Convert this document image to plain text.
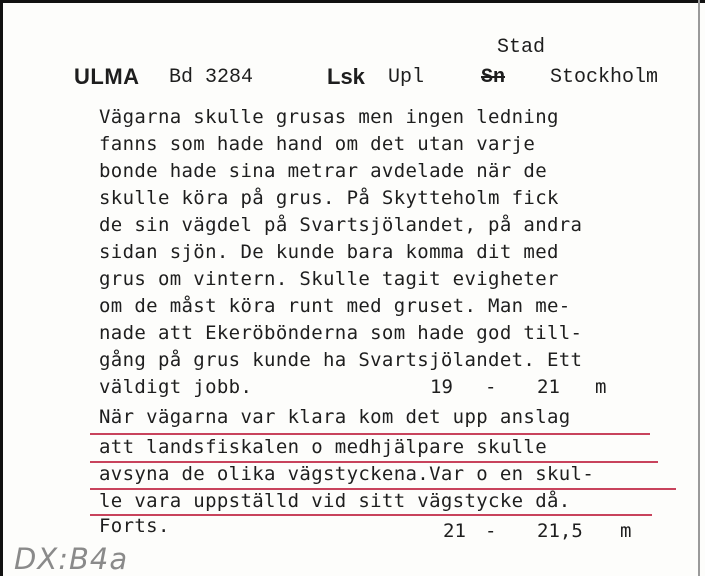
ULMA Bd 3284	Lsk Upl
Stad
Sn Stockholm
Vägarna skulle grusas men ingen ledning
fanns som hade hand om det utan varje
bonde hade sina metrar avdelade när de
skulle köra på grus. På Skytteholm fick
de sin vägdel på Svartsjölandet, på andra
sidan sjön. De kunde bara komma dit med
grus om vintern. Skulle tagit evigheter
om de måst köra runt med gruset. Man me-
nade att Ekeröbönderna som hade god till-
gång på grus kunde ha Svartsjölandet. Ett
väldigt jobb.	19 - 21 m
När vägarna var klara kom det upp anslag
att landsfiskalen o medhjälpare skulle
avsyna de olika vägstyckena.Var o en skul-
le vara uppställd vid sitt vägstycke då.
Forts.	21 - 21,5 m
DX:B4a
